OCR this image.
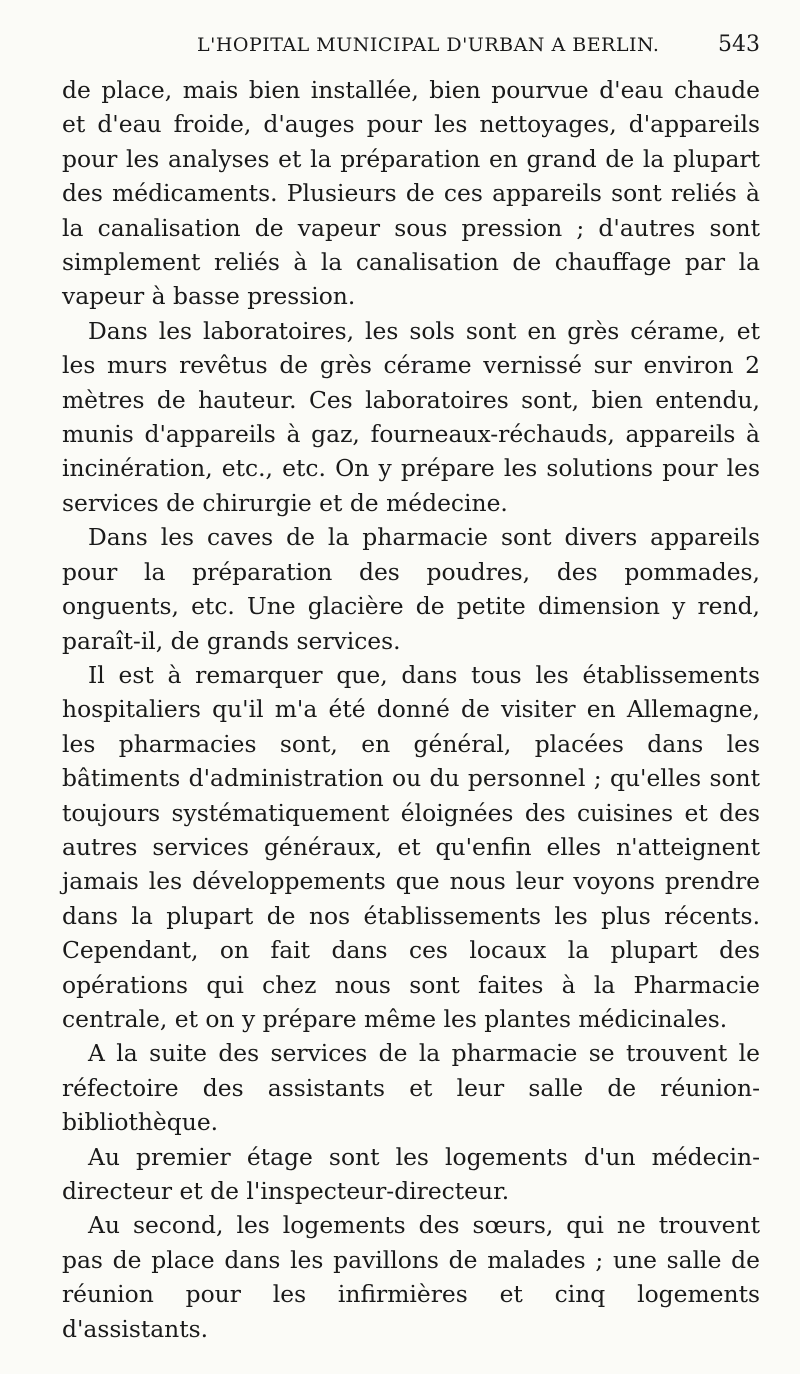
L'HOPITAL MUNICIPAL D'URBAN A BERLIN.	543

de place, mais bien installée, bien pourvue d'eau chaude et d'eau froide, d'auges pour les nettoyages, d'appareils pour les analyses et la préparation en grand de la plupart des médicaments. Plusieurs de ces appareils sont reliés à la canalisation de vapeur sous pression ; d'autres sont simplement reliés à la canalisation de chauffage par la vapeur à basse pression.

Dans les laboratoires, les sols sont en grès cérame, et les murs revêtus de grès cérame vernissé sur environ 2 mètres de hauteur. Ces laboratoires sont, bien entendu, munis d'appareils à gaz, fourneaux-réchauds, appareils à incinération, etc., etc. On y prépare les solutions pour les services de chirurgie et de médecine.

Dans les caves de la pharmacie sont divers appareils pour la préparation des poudres, des pommades, onguents, etc. Une glacière de petite dimension y rend, paraît-il, de grands services.

Il est à remarquer que, dans tous les établissements hospitaliers qu'il m'a été donné de visiter en Allemagne, les pharmacies sont, en général, placées dans les bâtiments d'administration ou du personnel ; qu'elles sont toujours systématiquement éloignées des cuisines et des autres services généraux, et qu'enfin elles n'atteignent jamais les développements que nous leur voyons prendre dans la plupart de nos établissements les plus récents. Cependant, on fait dans ces locaux la plupart des opérations qui chez nous sont faites à la Pharmacie centrale, et on y prépare même les plantes médicinales.

A la suite des services de la pharmacie se trouvent le réfectoire des assistants et leur salle de réunion-bibliothèque.

Au premier étage sont les logements d'un médecin-directeur et de l'inspecteur-directeur.

Au second, les logements des sœurs, qui ne trouvent pas de place dans les pavillons de malades ; une salle de réunion pour les infirmières et cinq logements d'assistants.
